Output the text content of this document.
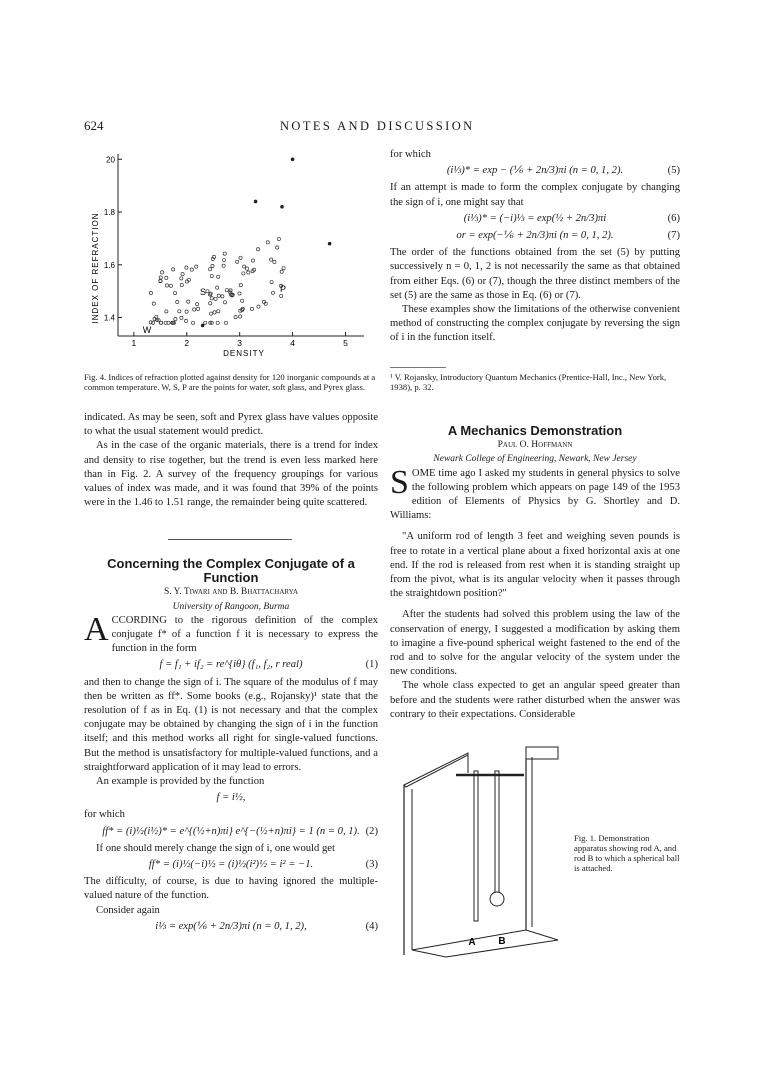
624	NOTES AND DISCUSSION
1.4
1.6
1.8
20
1	2	3	4	5
INDEX OF REFRACTION
DENSITY
W
S	P
Fig. 4. Indices of refraction plotted against density for 120 inorganic compounds at a common temperature. W, S, P are the points for water, soft glass, and Pyrex glass.

indicated. As may be seen, soft and Pyrex glass have values opposite to what the usual statement would predict.

As in the case of the organic materials, there is a trend for index and density to rise together, but the trend is even less marked here than in Fig. 2. A survey of the frequency groupings for various values of index was made, and it was found that 39% of the points were in the 1.46 to 1.51 range, the remainder being quite scattered.

Concerning the Complex Conjugate of a Function

S. Y. Tiwari and B. Bhattacharya

University of Rangoon, Burma

ACCORDING to the rigorous definition of the complex conjugate f* of a function f it is necessary to express the function in the form

f = f₁ + if₂ = re^{iθ} (f₁, f₂, r real)	(1)

and then to change the sign of i. The square of the modulus of f may then be written as ff*. Some books (e.g., Rojansky)¹ state that the resolution of f as in Eq. (1) is not necessary and that the complex conjugate may be obtained by changing the sign of i in the function itself; and this method works all right for single-valued functions. But the method is unsatisfactory for multiple-valued functions, and a straightforward application of it may lead to errors.

An example is provided by the function

f = i½,

for which

ff* = (i)½(i½)* = e^{(½+n)πi} e^{−(½+n)πi} = 1 (n = 0, 1). (2)

If one should merely change the sign of i, one would get

ff* = (i)½(−i)½ = (i)½(i²)½ = i² = −1.	(3)

The difficulty, of course, is due to having ignored the multiple-valued nature of the function.

Consider again

i⅓ = exp(⅙ + 2n/3)πi (n = 0, 1, 2),	(4)

for which

(i⅓)* = exp − (⅙ + 2n/3)πi (n = 0, 1, 2).	(5)

If an attempt is made to form the complex conjugate by changing the sign of i, one might say that

(i⅓)* = (−i)⅓ = exp(½ + 2n/3)πi	(6)
or = exp(−⅙ + 2n/3)πi (n = 0, 1, 2).	(7)

The order of the functions obtained from the set (5) by putting successively n = 0, 1, 2 is not necessarily the same as that obtained from either Eqs. (6) or (7), though the three distinct members of the set (5) are the same as those in Eq. (6) or (7).

These examples show the limitations of the otherwise convenient method of constructing the complex conjugate by reversing the sign of i in the function itself.

¹ V. Rojansky, Introductory Quantum Mechanics (Prentice-Hall, Inc., New York, 1938), p. 32.

A Mechanics Demonstration

Paul O. Hoffmann

Newark College of Engineering, Newark, New Jersey

SOME time ago I asked my students in general physics to solve the following problem which appears on page 149 of the 1953 edition of Elements of Physics by G. Shortley and D. Williams:

"A uniform rod of length 3 feet and weighing seven pounds is free to rotate in a vertical plane about a fixed horizontal axis at one end. If the rod is released from rest when it is standing straight up from the pivot, what is its angular velocity when it passes through the straightdown position?"

After the students had solved this problem using the law of the conservation of energy, I suggested a modification by asking them to imagine a five-pound spherical weight fastened to the end of the rod and to solve for the angular velocity of the system under the new conditions.

The whole class expected to get an angular speed greater than before and the students were rather disturbed when the answer was contrary to their expectations. Considerable

A B
Fig. 1. Demonstration apparatus showing rod A, and rod B to which a spherical ball is attached.
